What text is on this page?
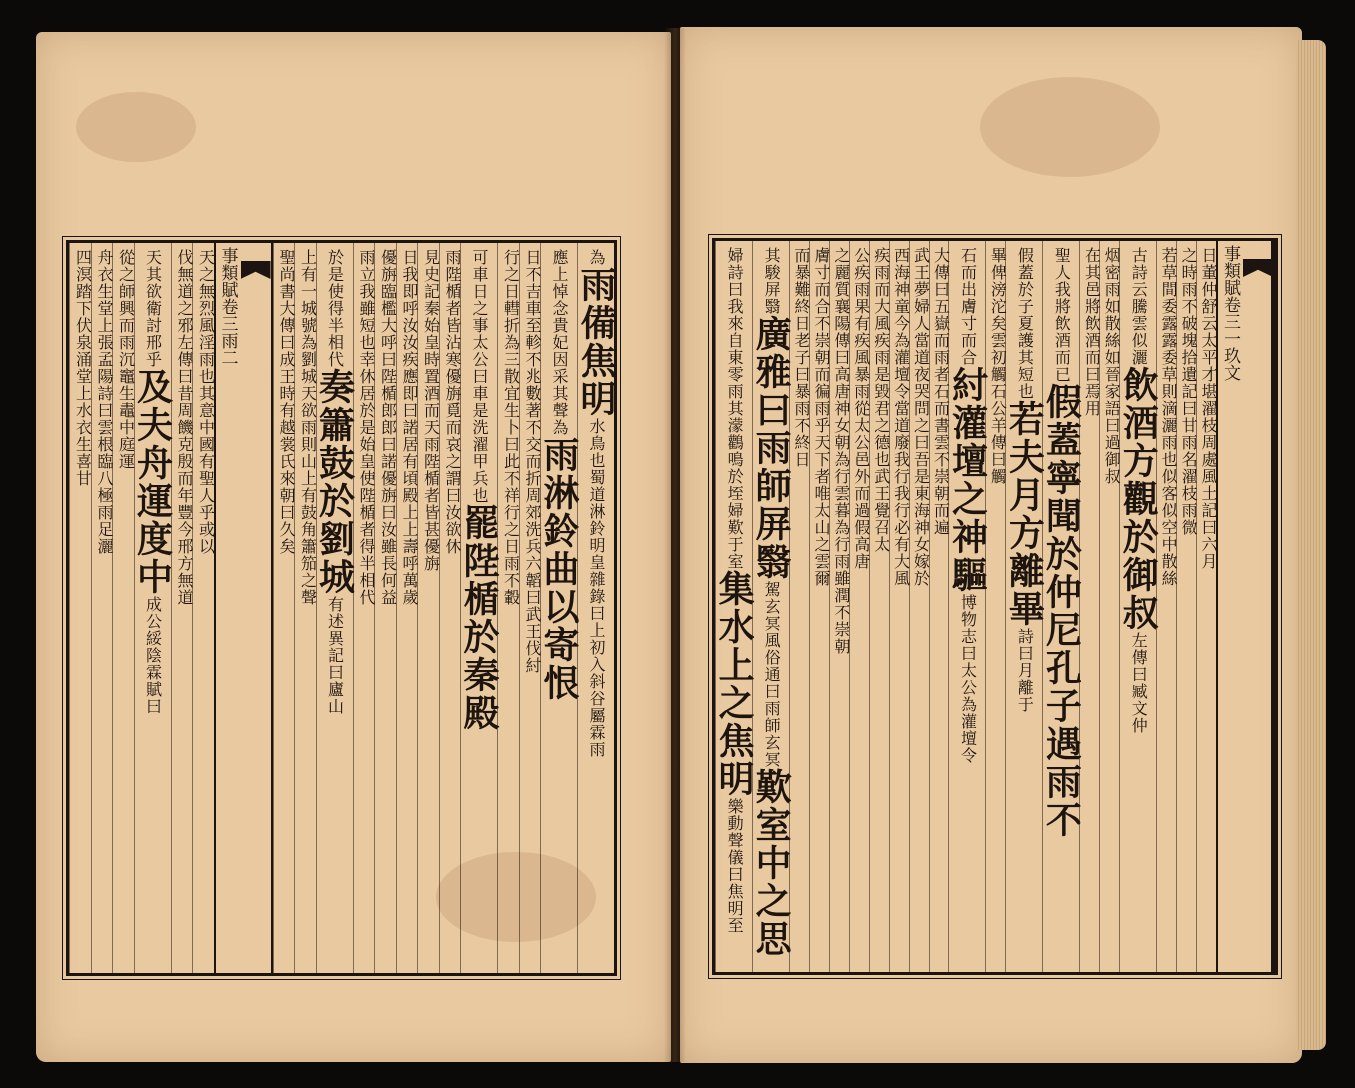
為雨備焦明水鳥也蜀道淋鈴明皇雜錄曰上初入斜谷屬霖雨
應上悼念貴妃因采其聲為雨淋鈴曲以寄恨
日不吉車至軫不兆數著不交而折周郊洗兵六韜曰武王伐紂
行之日轊折為三散宜生卜曰此不祥行之日雨不轂
可車日之事太公曰車是洗濯甲兵也罷陛楯於秦殿
雨陛楯者皆沾寒優旃覓而哀之謂曰汝欲休
見史記秦始皇時置酒而天雨陛楯者皆甚優旃
日我即呼汝汝疾應即曰諾居有頃殿上上壽呼萬歲
優旃臨檻大呼曰陛楯郎郎曰諾優旃曰汝雖長何益
雨立我雖短也幸休居於是始皇使陛楯者得半相代
於是使得半相代奏簫鼓於劉城有述異記曰廬山
上有一城號為劉城天欲雨則山上有鼓角簫笳之聲
聖尚書大傳曰成王時有越裳氏來朝曰久矣
事類賦卷三雨二
天之無烈風淫雨也其意中國有聖人乎或以
伐無道之邪左傳曰昔周饑克殷而年豐今邢方無道
天其欲衛討邢乎及夫舟運度中成公綏陰霖賦曰
從之師興而雨沉竈生鼃中庭運
舟衣生堂上張孟陽詩曰雲根臨八極雨足灑
四溟踏下伏泉涌堂上水衣生喜甘
事類賦卷三一玖文
日董仲舒云太平才堪濯枝周處風土記曰六月
之時雨不破塊拾遺記曰甘雨名濯枝雨微
若草間委露露委草則滴灑雨也似客似空中散絲
古詩云騰雲似灑飲酒方觀於御叔左傳曰臧文仲
烟密雨如散絲如晉家語曰過御叔
在其邑將飲酒而曰焉用
聖人我將飲酒而已假蓋寧聞於仲尼孔子遇雨不
假蓋於子夏護其短也若夫月方離畢詩曰月離于
畢俾滂沱矣雲初觸石公羊傳曰觸
石而出膚寸而合紂灌壇之神驅博物志曰太公為灌壇令
大傳曰五嶽而雨者石而書雲不崇朝而遍
武王夢婦人當道夜哭問之曰吾是東海神女嫁於
西海神童今為灌壇令當道廢我行我行必有大風
疾雨而大風疾雨是毀君之德也武王覺召太
公疾雨果有疾風暴雨從太公邑外而過假高唐
之麗質襄陽傳曰高唐神女朝為行雲暮為行雨雖潤不崇朝
膚寸而合不崇朝而徧雨乎天下者唯太山之雲爾
而暴難終日老子曰暴雨不終日
其駿屏翳廣雅曰雨師屏翳駕玄冥風俗通曰雨師玄冥歎室中之思
婦詩曰我來自東零雨其濛鸛鳴於垤婦歎于室集水上之焦明樂動聲儀曰焦明至
